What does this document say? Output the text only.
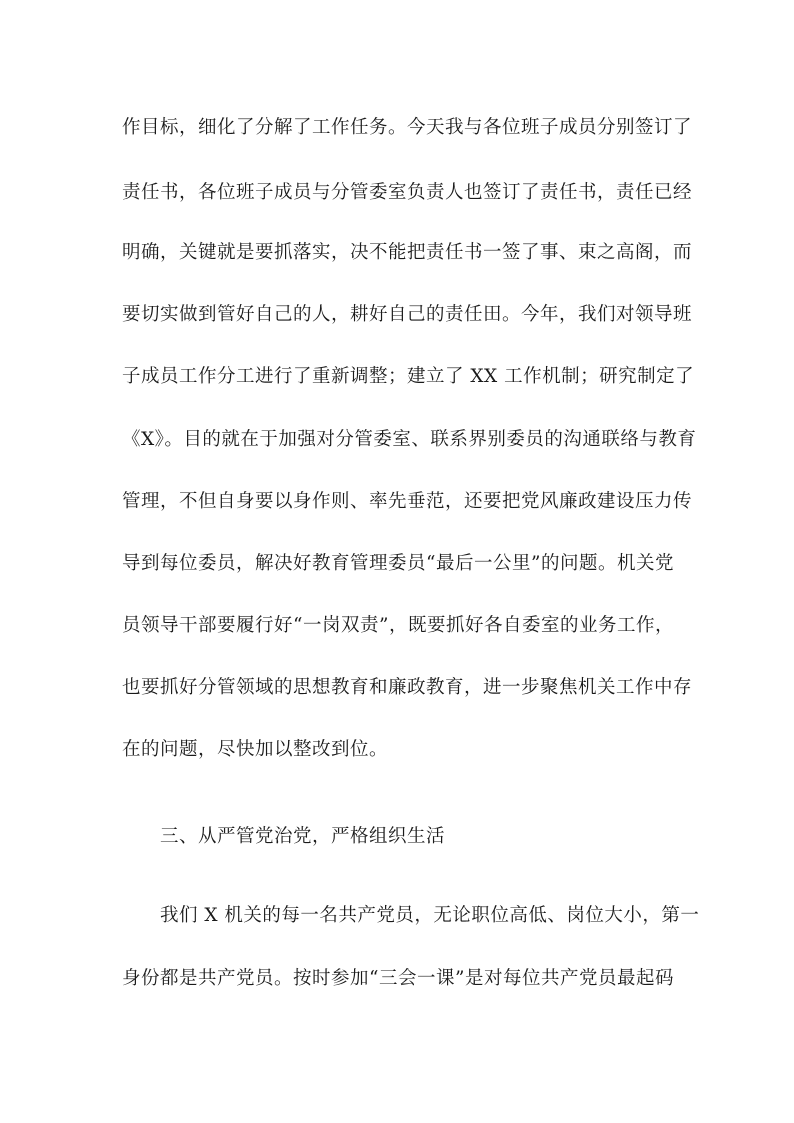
作目标，细化了分解了工作任务。今天我与各位班子成员分别签订了
责任书，各位班子成员与分管委室负责人也签订了责任书，责任已经
明确，关键就是要抓落实，决不能把责任书一签了事、束之高阁，而
要切实做到管好自己的人，耕好自己的责任田。今年，我们对领导班
子成员工作分工进行了重新调整；建立了 XX 工作机制；研究制定了
《X》。目的就在于加强对分管委室、联系界别委员的沟通联络与教育
管理，不但自身要以身作则、率先垂范，还要把党风廉政建设压力传
导到每位委员，解决好教育管理委员“最后一公里”的问题。机关党
员领导干部要履行好“一岗双责”，既要抓好各自委室的业务工作，
也要抓好分管领域的思想教育和廉政教育，进一步聚焦机关工作中存
在的问题，尽快加以整改到位。
三、从严管党治党，严格组织生活
我们 X 机关的每一名共产党员，无论职位高低、岗位大小，第一
身份都是共产党员。按时参加“三会一课”是对每位共产党员最起码
